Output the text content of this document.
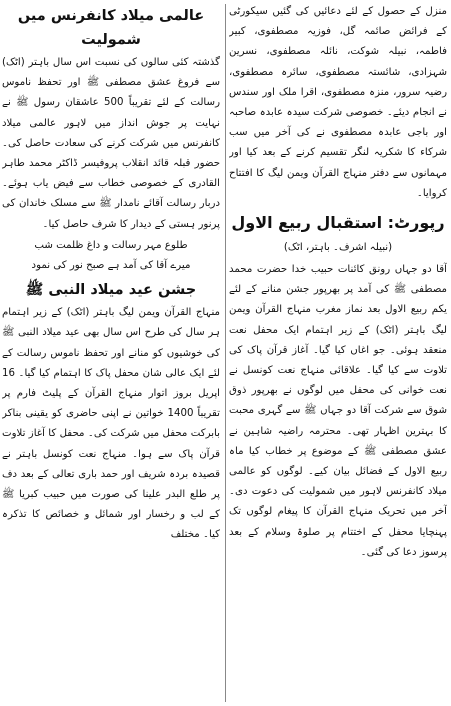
منزل کے حصول کے لئے دعائیں کی گئیں سیکورٹی کے فرائض صائمہ گل، فوزیہ مصطفوی، کبیر فاطمہ، نبیلہ شوکت، نائلہ مصطفوی، نسرین شہزادی، شائستہ مصطفوی، سائرہ مصطفوی، رضیہ سرور، منزہ مصطفوی، اقرا ملک اور سندس نے انجام دیئے۔ خصوصی شرکت سیدہ عابدہ صاحبہ اور باجی عابدہ مصطفوی نے کی آخر میں سب شرکاء کا شکریہ لنگر تقسیم کرنے کے بعد کیا اور مہمانوں سے دفتر منہاج القرآن ویمن لیگ کا افتتاح کروایا۔

رپورٹ: استقبال ربیع الاول
(نبیلہ اشرف۔ باہتر، اٹک)

آقا دو جہاں رونق کائنات حبیب خدا حضرت محمد مصطفی ﷺ کی آمد پر بھرپور جشن منانے کے لئے یکم ربیع الاول بعد نماز مغرب منہاج القرآن ویمن لیگ باہتر (اٹک) کے زیر اہتمام ایک محفل نعت منعقد ہوئی۔ جو اغاں کیا گیا۔ آغاز قرآن پاک کی تلاوت سے کیا گیا۔ علاقائی منہاج نعت کونسل نے نعت خوانی کی محفل میں لوگوں نے بھرپور ذوق شوق سے شرکت آقا دو جہاں ﷺ سے گہری محبت کا بہترین اظہار تھی۔ محترمہ راضیہ شاہین نے عشق مصطفی ﷺ کے موضوع پر خطاب کیا ماہ ربیع الاول کے فضائل بیان کیے۔ لوگوں کو عالمی میلاد کانفرنس لاہور میں شمولیت کی دعوت دی۔ آخر میں تحریک منہاج القرآن کا پیغام لوگوں تک پہنچایا محفل کے اختتام پر صلوۃ وسلام کے بعد پرسوز دعا کی گئی۔

عالمی میلاد کانفرنس میں شمولیت

گذشتہ کئی سالوں کی نسبت اس سال باہتر (اٹک) سے فروغ عشق مصطفی ﷺ اور تحفظ ناموس رسالت کے لئے تقریباً 500 عاشقان رسول ﷺ نے نہایت پر جوش انداز میں لاہور عالمی میلاد کانفرنس میں شرکت کرنے کی سعادت حاصل کی۔ حضور قبلہ قائد انقلاب پروفیسر ڈاکٹر محمد طاہر القادری کے خصوصی خطاب سے فیض یاب ہوئے۔ دربار رسالت آقائے نامدار ﷺ سے مسلک خاندان کی پرنور ہستی کے دیدار کا شرف حاصل کیا۔

طلوع مہر رسالت و داغ ظلمت شب
میرے آقا کی آمد ہے صبح نور کی نمود
جشن عید میلاد النبی ﷺ

منہاج القرآن ویمن لیگ باہتر (اٹک) کے زیر اہتمام ہر سال کی طرح اس سال بھی عید میلاد النبی ﷺ کی خوشیوں کو منانے اور تحفظ ناموس رسالت کے لئے ایک عالی شان محفل پاک کا اہتمام کیا گیا۔ 16 اپریل بروز اتوار منہاج القرآن کے پلیٹ فارم پر تقریباً 1400 خواتین نے اپنی حاضری کو یقینی بناکر بابرکت محفل میں شرکت کی۔ محفل کا آغاز تلاوت قرآن پاک سے ہوا۔ منہاج نعت کونسل باہتر نے قصیدہ بردہ شریف اور حمد باری تعالی کے بعد دف پر طلع البدر علینا کی صورت میں حبیب کبریا ﷺ کے لب و رخسار اور شمائل و خصائص کا تذکرہ کیا۔ مختلف
